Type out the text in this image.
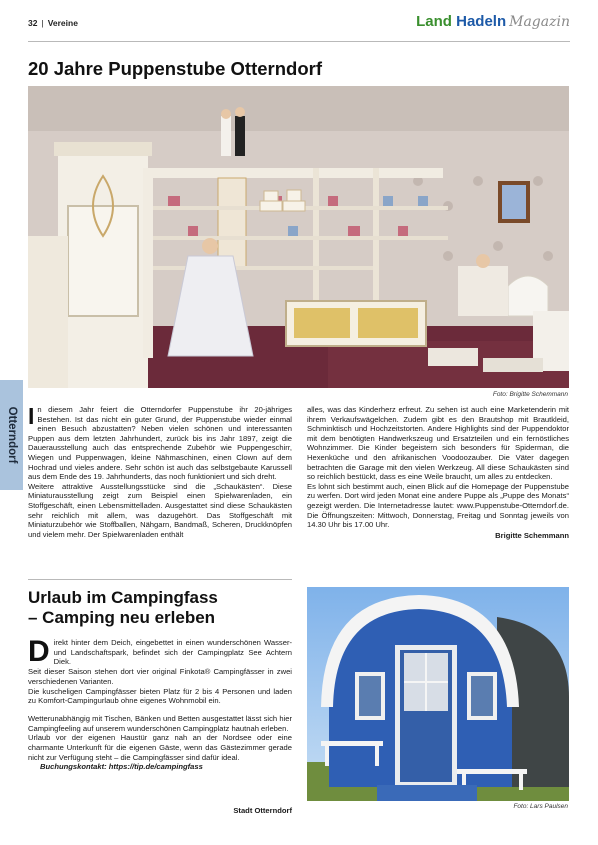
32 | Vereine	Land Hadeln Magazin
Otterndorf
20 Jahre Puppenstube Otterndorf
Foto: Brigitte Schemmann
In diesem Jahr feiert die Otterndorfer Puppenstube ihr 20-jähriges Bestehen. Ist das nicht ein guter Grund, der Puppenstube wieder einmal einen Besuch abzustatten? Neben vielen schönen und interessanten Puppen aus dem letzten Jahrhundert, zurück bis ins Jahr 1897, zeigt die Dauerausstellung auch das entsprechende Zubehör wie Puppengeschirr, Wiegen und Puppenwagen, kleine Nähmaschinen, einen Clown auf dem Hochrad und vieles andere. Sehr schön ist auch das selbstgebaute Karussell aus dem Ende des 19. Jahrhunderts, das noch funktioniert und sich dreht.
Weitere attraktive Ausstellungsstücke sind die „Schaukästen“. Diese Miniaturausstellung zeigt zum Beispiel einen Spielwarenladen, ein Stoffgeschäft, einen Lebensmittelladen. Ausgestattet sind diese Schaukästen sehr reichlich mit allem, was dazugehört. Das Stoffgeschäft mit Miniaturzubehör wie Stoffballen, Nähgarn, Bandmaß, Scheren, Druckknöpfen und vielem mehr. Der Spielwarenladen enthält
alles, was das Kinderherz erfreut. Zu sehen ist auch eine Marketenderin mit ihrem Verkaufswägelchen. Zudem gibt es den Brautshop mit Brautkleid, Schminktisch und Hochzeitstorten. Andere Highlights sind der Puppendoktor mit dem benötigten Handwerkszeug und Ersatzteilen und ein fernöstliches Wohnzimmer. Die Kinder begeistern sich besonders für Spiderman, die Hexenküche und den afrikanischen Voodoozauber. Die Väter dagegen betrachten die Garage mit den vielen Werkzeug. All diese Schaukästen sind so reichlich bestückt, dass es eine Weile braucht, um alles zu entdecken.
Es lohnt sich bestimmt auch, einen Blick auf die Homepage der Puppenstube zu werfen. Dort wird jeden Monat eine andere Puppe als „Puppe des Monats“ gezeigt werden. Die Internetadresse lautet: www.Puppenstube-Otterndorf.de. Die Öffnungszeiten: Mittwoch, Donnerstag, Freitag und Sonntag jeweils von 14.30 Uhr bis 17.00 Uhr.
Brigitte Schemmann
Urlaub im Campingfass
– Camping neu erleben

Direkt hinter dem Deich, eingebettet in einen wunderschönen Wasser- und Landschaftspark, befindet sich der Campingplatz See Achtern Diek.

Seit dieser Saison stehen dort vier original Finkota® Campingfässer in zwei verschiedenen Varianten.

Die kuscheligen Campingfässer bieten Platz für 2 bis 4 Personen und laden zu Komfort-Campingurlaub ohne eigenes Wohnmobil ein.

Wetterunabhängig mit Tischen, Bänken und Betten ausgestattet lässt sich hier Campingfeeling auf unserem wunderschönen Campingplatz hautnah erleben.

Urlaub vor der eigenen Haustür ganz nah an der Nordsee oder eine charmante Unterkunft für die eigenen Gäste, wenn das Gästezimmer gerade nicht zur Verfügung steht – die Campingfässer sind dafür ideal.

Buchungskontakt: https://tip.de/campingfass

Stadt Otterndorf	Foto: Lars Paulsen
